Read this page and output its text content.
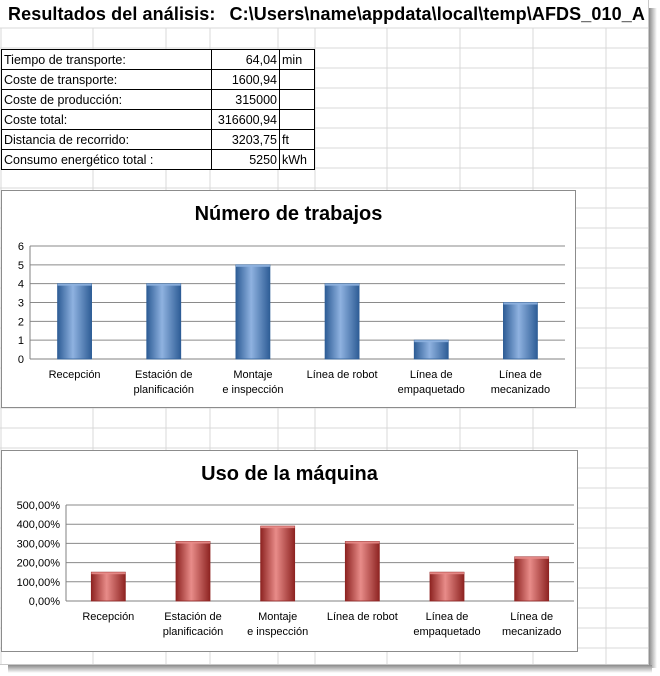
Resultados del análisis: C:\Users\name\appdata\local\temp\AFDS_010_A
Tiempo de transporte:	64,04	min
Coste de transporte:	1600,94	
Coste de producción:	315000	
Coste total:	316600,94	
Distancia de recorrido:	3203,75	ft
Consumo energético total :	5250	kWh
Número de trabajos
0
1
2
3
4
5
6
Recepción	Estación de
planificación
Montaje
e inspección
Línea de robot	Línea de
empaquetado
Línea de
mecanizado
Uso de la máquina
0,00%
100,00%
200,00%
300,00%
400,00%
500,00%
Recepción	Estación de
planificación
Montaje
e inspección
Línea de robot	Línea de
empaquetado
Línea de
mecanizado
